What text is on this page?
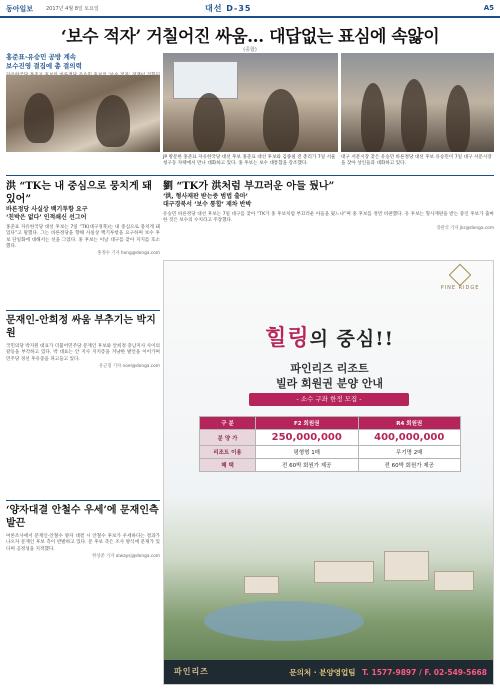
동아일보	2017년 4월 8일 토요일	대선 D-35	A5
‘보수 적자’ 거칠어진 싸움… 대답없는 표심에 속앓이
(종합)
홍준표-유승민 공방 계속
보수진영 결집에 총 결의력
JP 방문한 홍준표 자유한국당 대선 후보 홍준표 대선 후보와 김종필 전 총리가 7일 서울 청구동 자택에서 만나 대화하고 있다. 홍 후보는 보수 대통합을 강조했다.
대구 서문시장 찾은 유승민 바른정당 대선 후보 유승민이 7일 대구 서문시장을 찾아 상인들과 대화하고 있다.
洪 “TK는 내 중심으로 뭉치게 돼있어”
바른정당 사실상 백기투항 요구
‘친박은 없다’ 인적쇄신 선그어
홍준표 자유한국당 대선 후보는 7일 “TK(대구경북)는 내 중심으로 뭉치게 돼 있다”고 말했다. 그는 바른정당을 향해 사실상 백기투항을 요구하며 보수 후보 단일화에 대해서는 선을 그었다. 홍 후보는 이날 대구를 찾아 지지를 호소했다.
홍정수 기자 hong@donga.com
劉 “TK가 洪처럼 부끄러운 아들 뒀나”
‘洪, 형사재판 받는중 범법 출마’
대구경북서 ‘보수 통합’ 재차 반박
유승민 바른정당 대선 후보는 7일 대구를 찾아 “TK가 홍 후보처럼 부끄러운 아들을 뒀느냐”며 홍 후보를 정면 비판했다. 유 후보는 형사재판을 받는 중인 후보가 출마한 것은 보수의 수치라고 주장했다.
장관석 기자 jks@donga.com
문재인-안희정 싸움 부추기는 박지원
국민의당 박지원 대표가 더불어민주당 문재인 후보와 안희정 충남지사 사이의 갈등을 부각하고 있다. 박 대표는 안 지사 지지층을 겨냥한 발언을 이어가며 민주당 경선 후유증을 파고들고 있다.
유근형 기자 noel@donga.com
‘양자대결 안철수 우세’에 문재인측 발끈
여론조사에서 문재인-안철수 양자 대결 시 안철수 후보가 우세하다는 결과가 나오자 문재인 후보 측이 반발하고 있다. 문 후보 측은 조사 방식에 문제가 있다며 공정성을 지적했다.
한상준 기자 alwaysj@donga.com
PINE RIDGE
힐링의 중심!!
파인리즈 리조트
빌라 회원권 분양 안내
- 소수 구좌 한정 모집 -
구 분	F2 회원권	R4 회원권
분 양 가	250,000,000	400,000,000
리조트 이용	평형형 1매	무기명 2매
혜 택	전 60박 회원가 제공	전 60박 회원가 제공
파인리즈	문의처 · 분양영업팀 T. 1577-9897 / F. 02-549-5668
